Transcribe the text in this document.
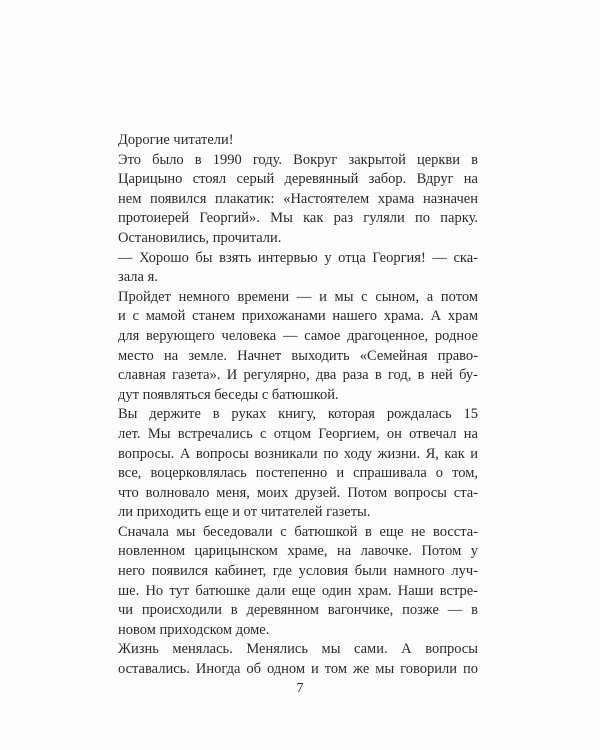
Дорогие читатели!
Это было в 1990 году. Вокруг закрытой церкви в
Царицыно стоял серый деревянный забор. Вдруг на
нем появился плакатик: «Настоятелем храма назначен
протоиерей Георгий». Мы как раз гуляли по парку.
Остановились, прочитали.
— Хорошо бы взять интервью у отца Георгия! — ска-
зала я.
Пройдет немного времени — и мы с сыном, а потом
и с мамой станем прихожанами нашего храма. А храм
для верующего человека — самое драгоценное, родное
место на земле. Начнет выходить «Семейная право-
славная газета». И регулярно, два раза в год, в ней бу-
дут появляться беседы с батюшкой.
Вы держите в руках книгу, которая рождалась 15
лет. Мы встречались с отцом Георгием, он отвечал на
вопросы. А вопросы возникали по ходу жизни. Я, как и
все, воцерковлялась постепенно и спрашивала о том,
что волновало меня, моих друзей. Потом вопросы ста-
ли приходить еще и от читателей газеты.
Сначала мы беседовали с батюшкой в еще не восста-
новленном царицынском храме, на лавочке. Потом у
него появился кабинет, где условия были намного луч-
ше. Но тут батюшке дали еще один храм. Наши встре-
чи происходили в деревянном вагончике, позже — в
новом приходском доме.
Жизнь менялась. Менялись мы сами. А вопросы
оставались. Иногда об одном и том же мы говорили по
7
